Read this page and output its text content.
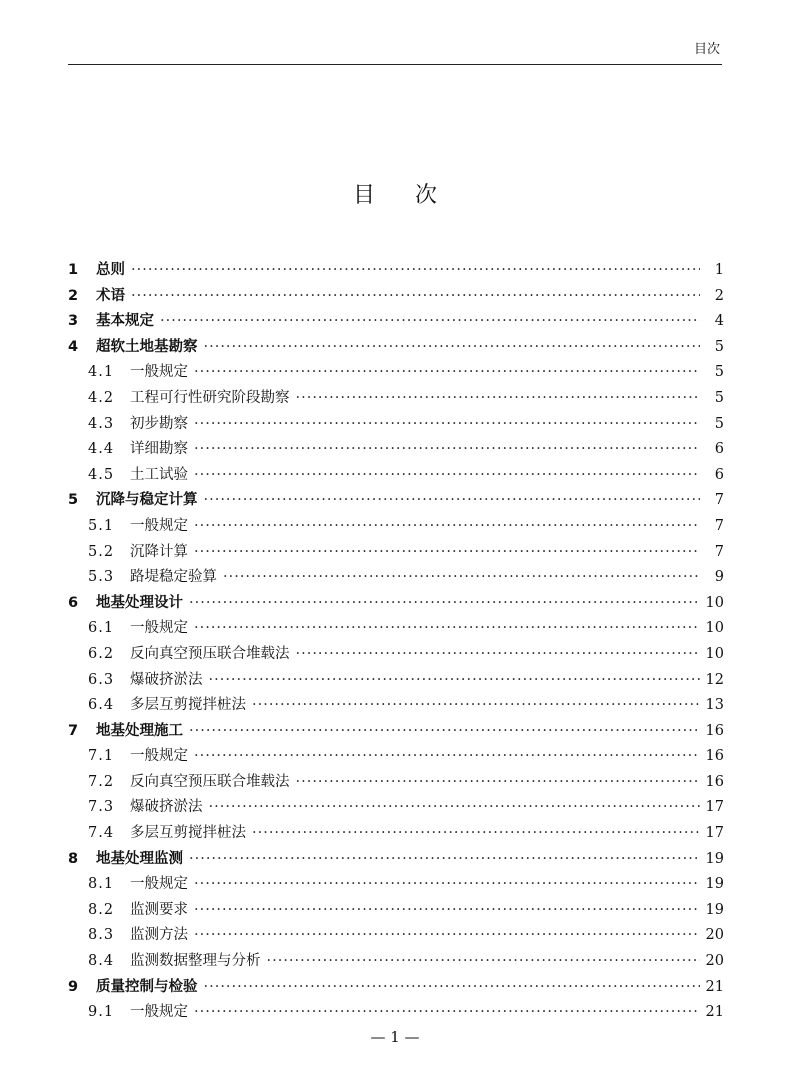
目次
目次
1	总则 ·····	1
2	术语 ·····	2
3	基本规定 ·····	4
4	超软土地基勘察 ·····	5
4.1	一般规定 ·····	5
4.2	工程可行性研究阶段勘察 ·····	5
4.3	初步勘察 ·····	5
4.4	详细勘察 ·····	6
4.5	土工试验 ·····	6
5	沉降与稳定计算 ·····	7
5.1	一般规定 ·····	7
5.2	沉降计算 ·····	7
5.3	路堤稳定验算 ·····	9
6	地基处理设计 ·····	10
6.1	一般规定 ·····	10
6.2	反向真空预压联合堆载法 ·····	10
6.3	爆破挤淤法 ·····	12
6.4	多层互剪搅拌桩法 ·····	13
7	地基处理施工 ·····	16
7.1	一般规定 ·····	16
7.2	反向真空预压联合堆载法 ·····	16
7.3	爆破挤淤法 ·····	17
7.4	多层互剪搅拌桩法 ·····	17
8	地基处理监测 ·····	19
8.1	一般规定 ·····	19
8.2	监测要求 ·····	19
8.3	监测方法 ·····	20
8.4	监测数据整理与分析 ·····	20
9	质量控制与检验 ·····	21
9.1	一般规定 ·····	21
— 1 —
